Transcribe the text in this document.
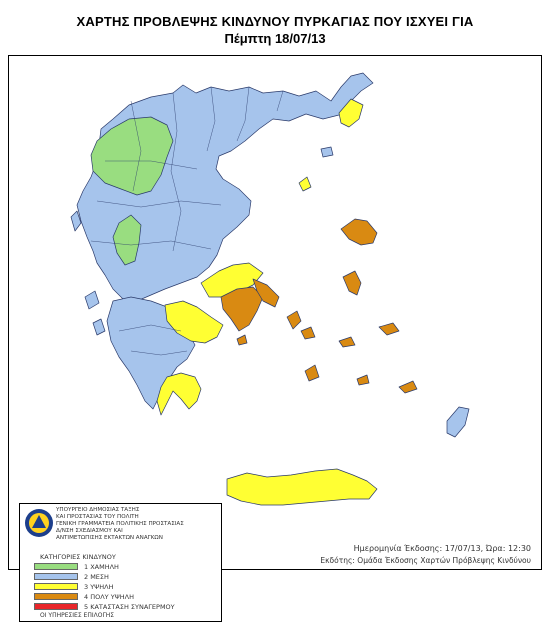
ΧΑΡΤΗΣ ΠΡΟΒΛΕΨΗΣ ΚΙΝΔΥΝΟΥ ΠΥΡΚΑΓΙΑΣ ΠΟΥ ΙΣΧΥΕΙ ΓΙΑ
Πέμπτη 18/07/13
ΥΠΟΥΡΓΕΙΟ ΔΗΜΟΣΙΑΣ ΤΑΞΗΣ
ΚΑΙ ΠΡΟΣΤΑΣΙΑΣ ΤΟΥ ΠΟΛΙΤΗ
ΓΕΝΙΚΗ ΓΡΑΜΜΑΤΕΙΑ ΠΟΛΙΤΙΚΗΣ ΠΡΟΣΤΑΣΙΑΣ
Δ/ΝΣΗ ΣΧΕΔΙΑΣΜΟΥ ΚΑΙ
ΑΝΤΙΜΕΤΩΠΙΣΗΣ ΕΚΤΑΚΤΩΝ ΑΝΑΓΚΩΝ
ΚΑΤΗΓΟΡΙΕΣ ΚΙΝΔΥΝΟΥ
1 ΧΑΜΗΛΗ
2 ΜΕΣΗ
3 ΥΨΗΛΗ
4 ΠΟΛΥ ΥΨΗΛΗ
5 ΚΑΤΑΣΤΑΣΗ ΣΥΝΑΓΕΡΜΟΥ
ΟΙ ΥΠΗΡΕΣΙΕΣ ΕΠΙΛΟΓΗΣ
Ημερομηνία Έκδοσης: 17/07/13, Ώρα: 12:30
Εκδότης: Ομάδα Έκδοσης Χαρτών Πρόβλεψης Κινδύνου
